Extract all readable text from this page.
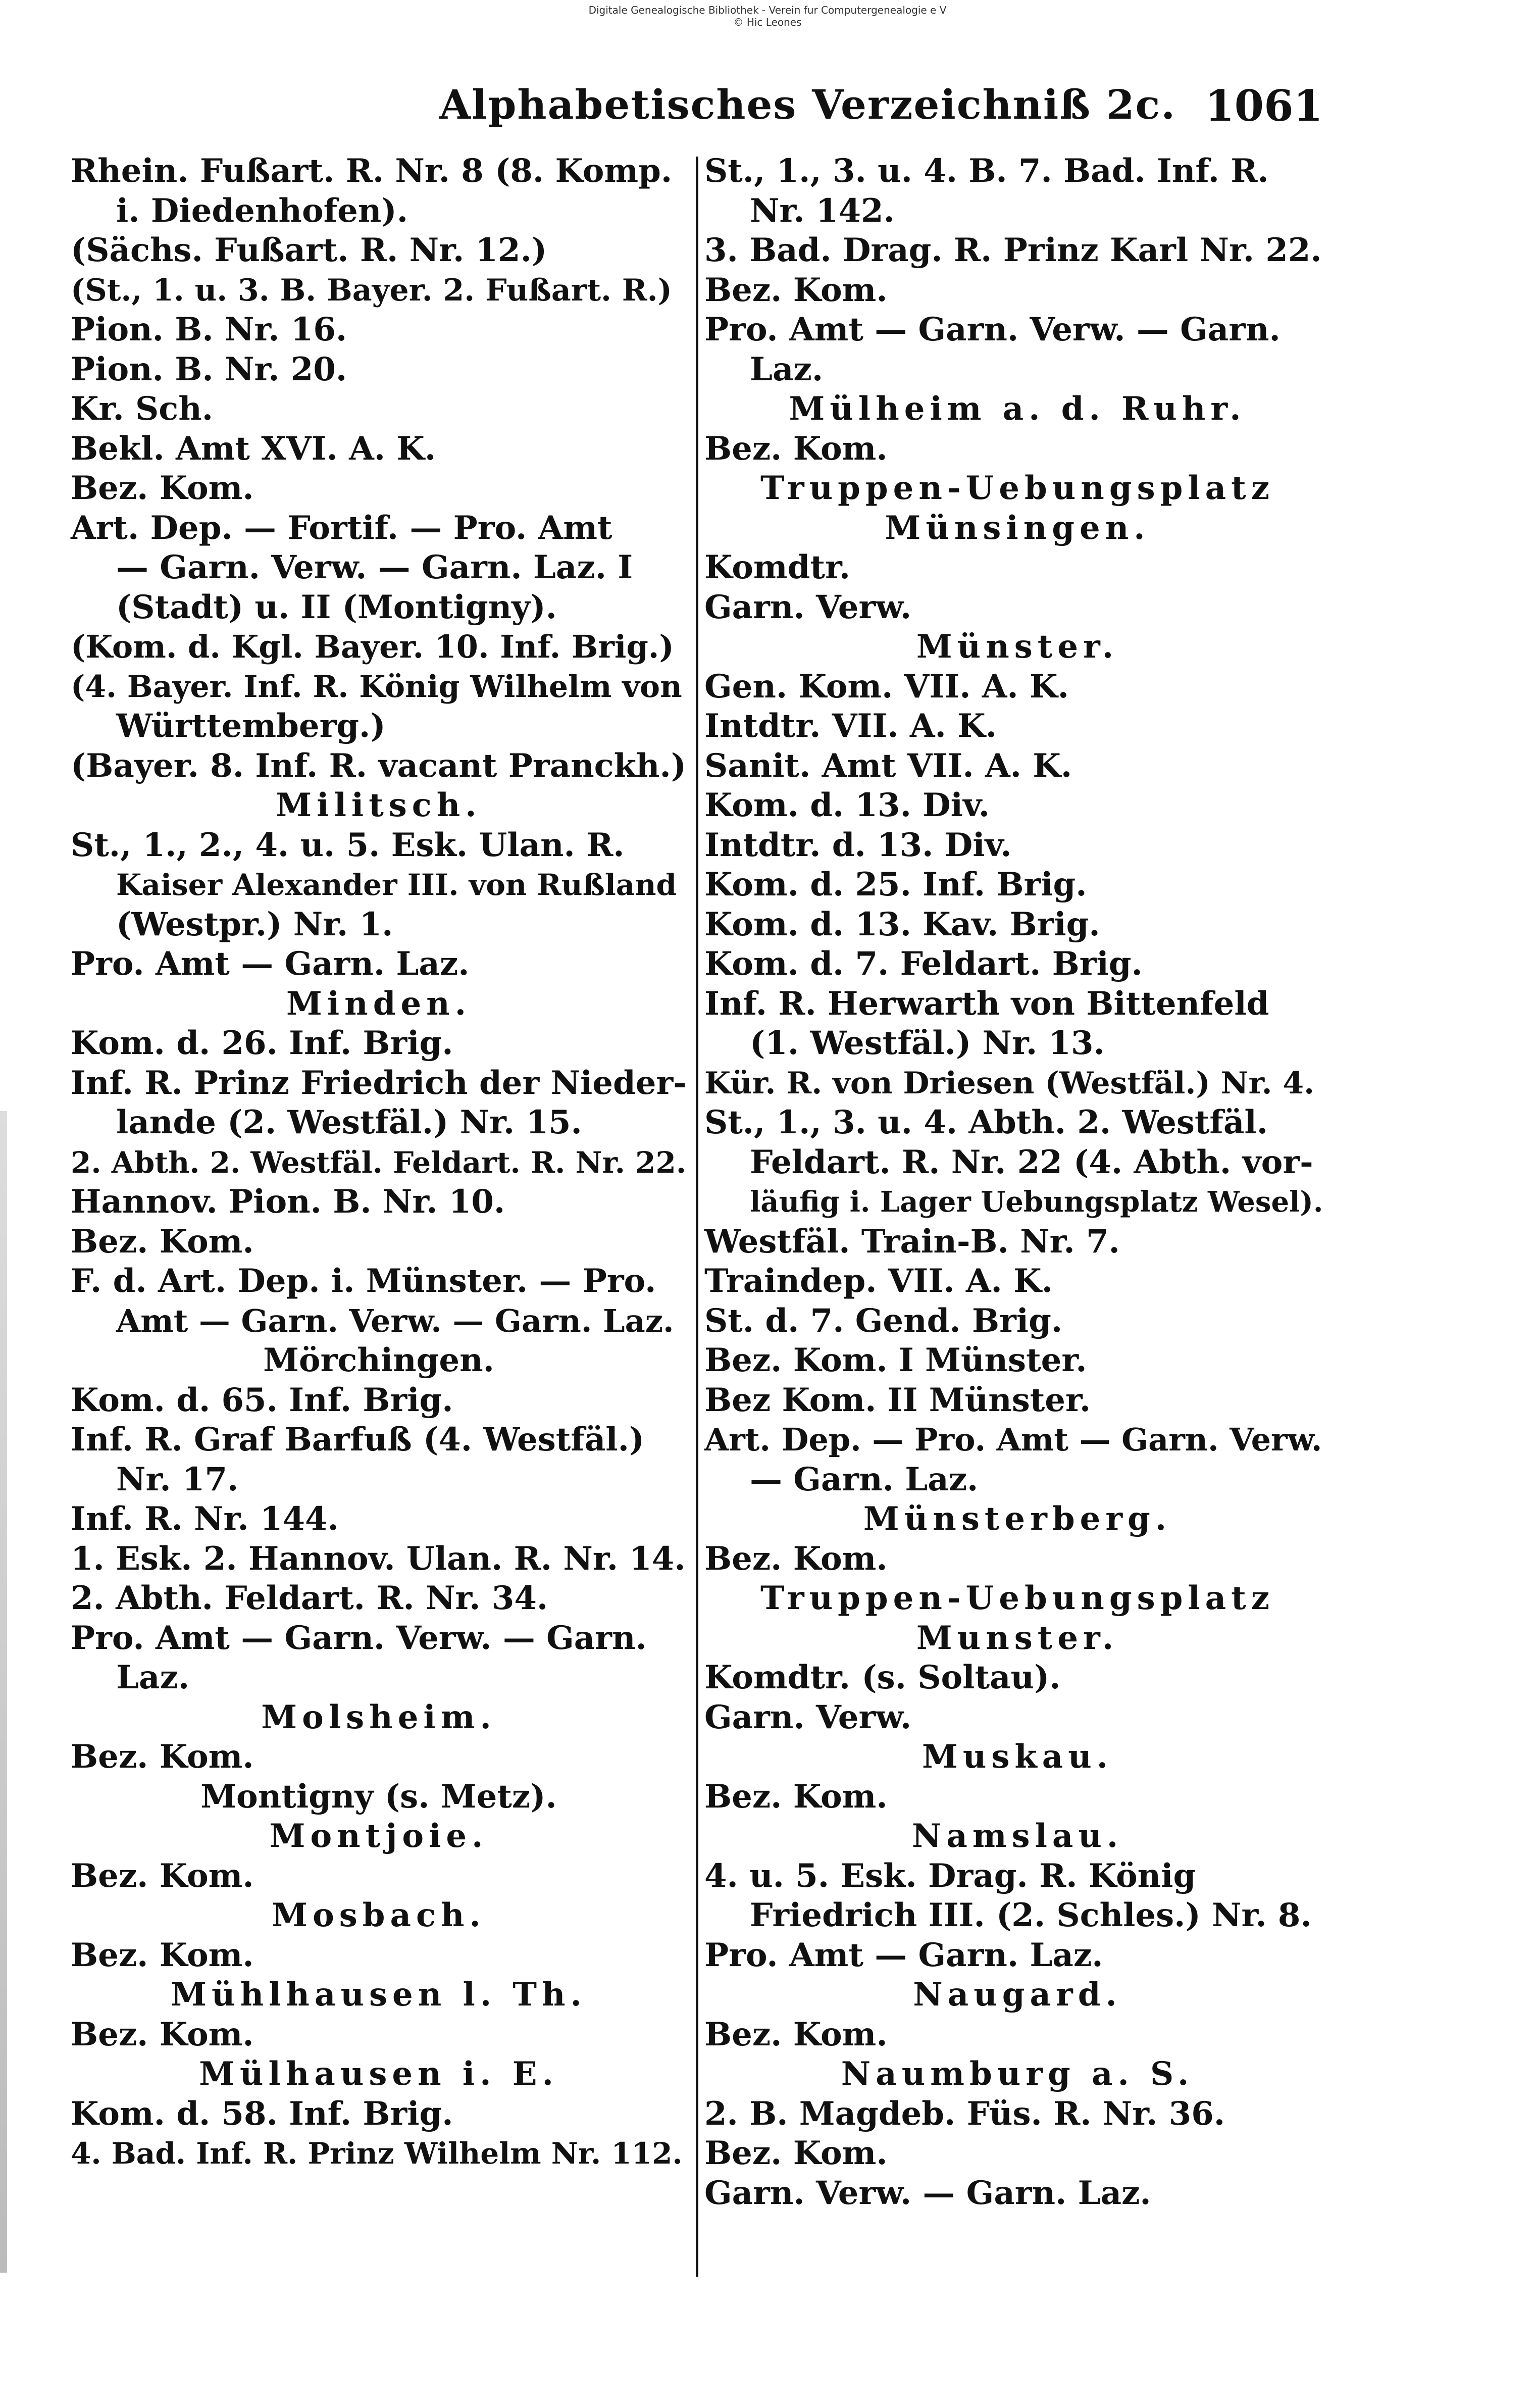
Digitale Genealogische Bibliothek - Verein fur Computergenealogie e V
© Hic Leones
Alphabetisches Verzeichniß 2c. 1061
Rhein. Fußart. R. Nr. 8 (8. Komp.
i. Diedenhofen).
(Sächs. Fußart. R. Nr. 12.)
(St., 1. u. 3. B. Bayer. 2. Fußart. R.)
Pion. B. Nr. 16.
Pion. B. Nr. 20.
Kr. Sch.
Bekl. Amt XVI. A. K.
Bez. Kom.
Art. Dep. — Fortif. — Pro. Amt
— Garn. Verw. — Garn. Laz. I
(Stadt) u. II (Montigny).
(Kom. d. Kgl. Bayer. 10. Inf. Brig.)
(4. Bayer. Inf. R. König Wilhelm von
Württemberg.)
(Bayer. 8. Inf. R. vacant Pranckh.)
Militsch.
St., 1., 2., 4. u. 5. Esk. Ulan. R.
Kaiser Alexander III. von Rußland
(Westpr.) Nr. 1.
Pro. Amt — Garn. Laz.
Minden.
Kom. d. 26. Inf. Brig.
Inf. R. Prinz Friedrich der Nieder-
lande (2. Westfäl.) Nr. 15.
2. Abth. 2. Westfäl. Feldart. R. Nr. 22.
Hannov. Pion. B. Nr. 10.
Bez. Kom.
F. d. Art. Dep. i. Münster. — Pro.
Amt — Garn. Verw. — Garn. Laz.
Mörchingen.
Kom. d. 65. Inf. Brig.
Inf. R. Graf Barfuß (4. Westfäl.)
Nr. 17.
Inf. R. Nr. 144.
1. Esk. 2. Hannov. Ulan. R. Nr. 14.
2. Abth. Feldart. R. Nr. 34.
Pro. Amt — Garn. Verw. — Garn.
Laz.
Molsheim.
Bez. Kom.
Montigny (s. Metz).
Montjoie.
Bez. Kom.
Mosbach.
Bez. Kom.
Mühlhausen l. Th.
Bez. Kom.
Mülhausen i. E.
Kom. d. 58. Inf. Brig.
4. Bad. Inf. R. Prinz Wilhelm Nr. 112.
St., 1., 3. u. 4. B. 7. Bad. Inf. R.
Nr. 142.
3. Bad. Drag. R. Prinz Karl Nr. 22.
Bez. Kom.
Pro. Amt — Garn. Verw. — Garn.
Laz.
Mülheim a. d. Ruhr.
Bez. Kom.
Truppen-Uebungsplatz
Münsingen.
Komdtr.
Garn. Verw.
Münster.
Gen. Kom. VII. A. K.
Intdtr. VII. A. K.
Sanit. Amt VII. A. K.
Kom. d. 13. Div.
Intdtr. d. 13. Div.
Kom. d. 25. Inf. Brig.
Kom. d. 13. Kav. Brig.
Kom. d. 7. Feldart. Brig.
Inf. R. Herwarth von Bittenfeld
(1. Westfäl.) Nr. 13.
Kür. R. von Driesen (Westfäl.) Nr. 4.
St., 1., 3. u. 4. Abth. 2. Westfäl.
Feldart. R. Nr. 22 (4. Abth. vor-
läufig i. Lager Uebungsplatz Wesel).
Westfäl. Train-B. Nr. 7.
Traindep. VII. A. K.
St. d. 7. Gend. Brig.
Bez. Kom. I Münster.
Bez Kom. II Münster.
Art. Dep. — Pro. Amt — Garn. Verw.
— Garn. Laz.
Münsterberg.
Bez. Kom.
Truppen-Uebungsplatz
Munster.
Komdtr. (s. Soltau).
Garn. Verw.
Muskau.
Bez. Kom.
Namslau.
4. u. 5. Esk. Drag. R. König
Friedrich III. (2. Schles.) Nr. 8.
Pro. Amt — Garn. Laz.
Naugard.
Bez. Kom.
Naumburg a. S.
2. B. Magdeb. Füs. R. Nr. 36.
Bez. Kom.
Garn. Verw. — Garn. Laz.
